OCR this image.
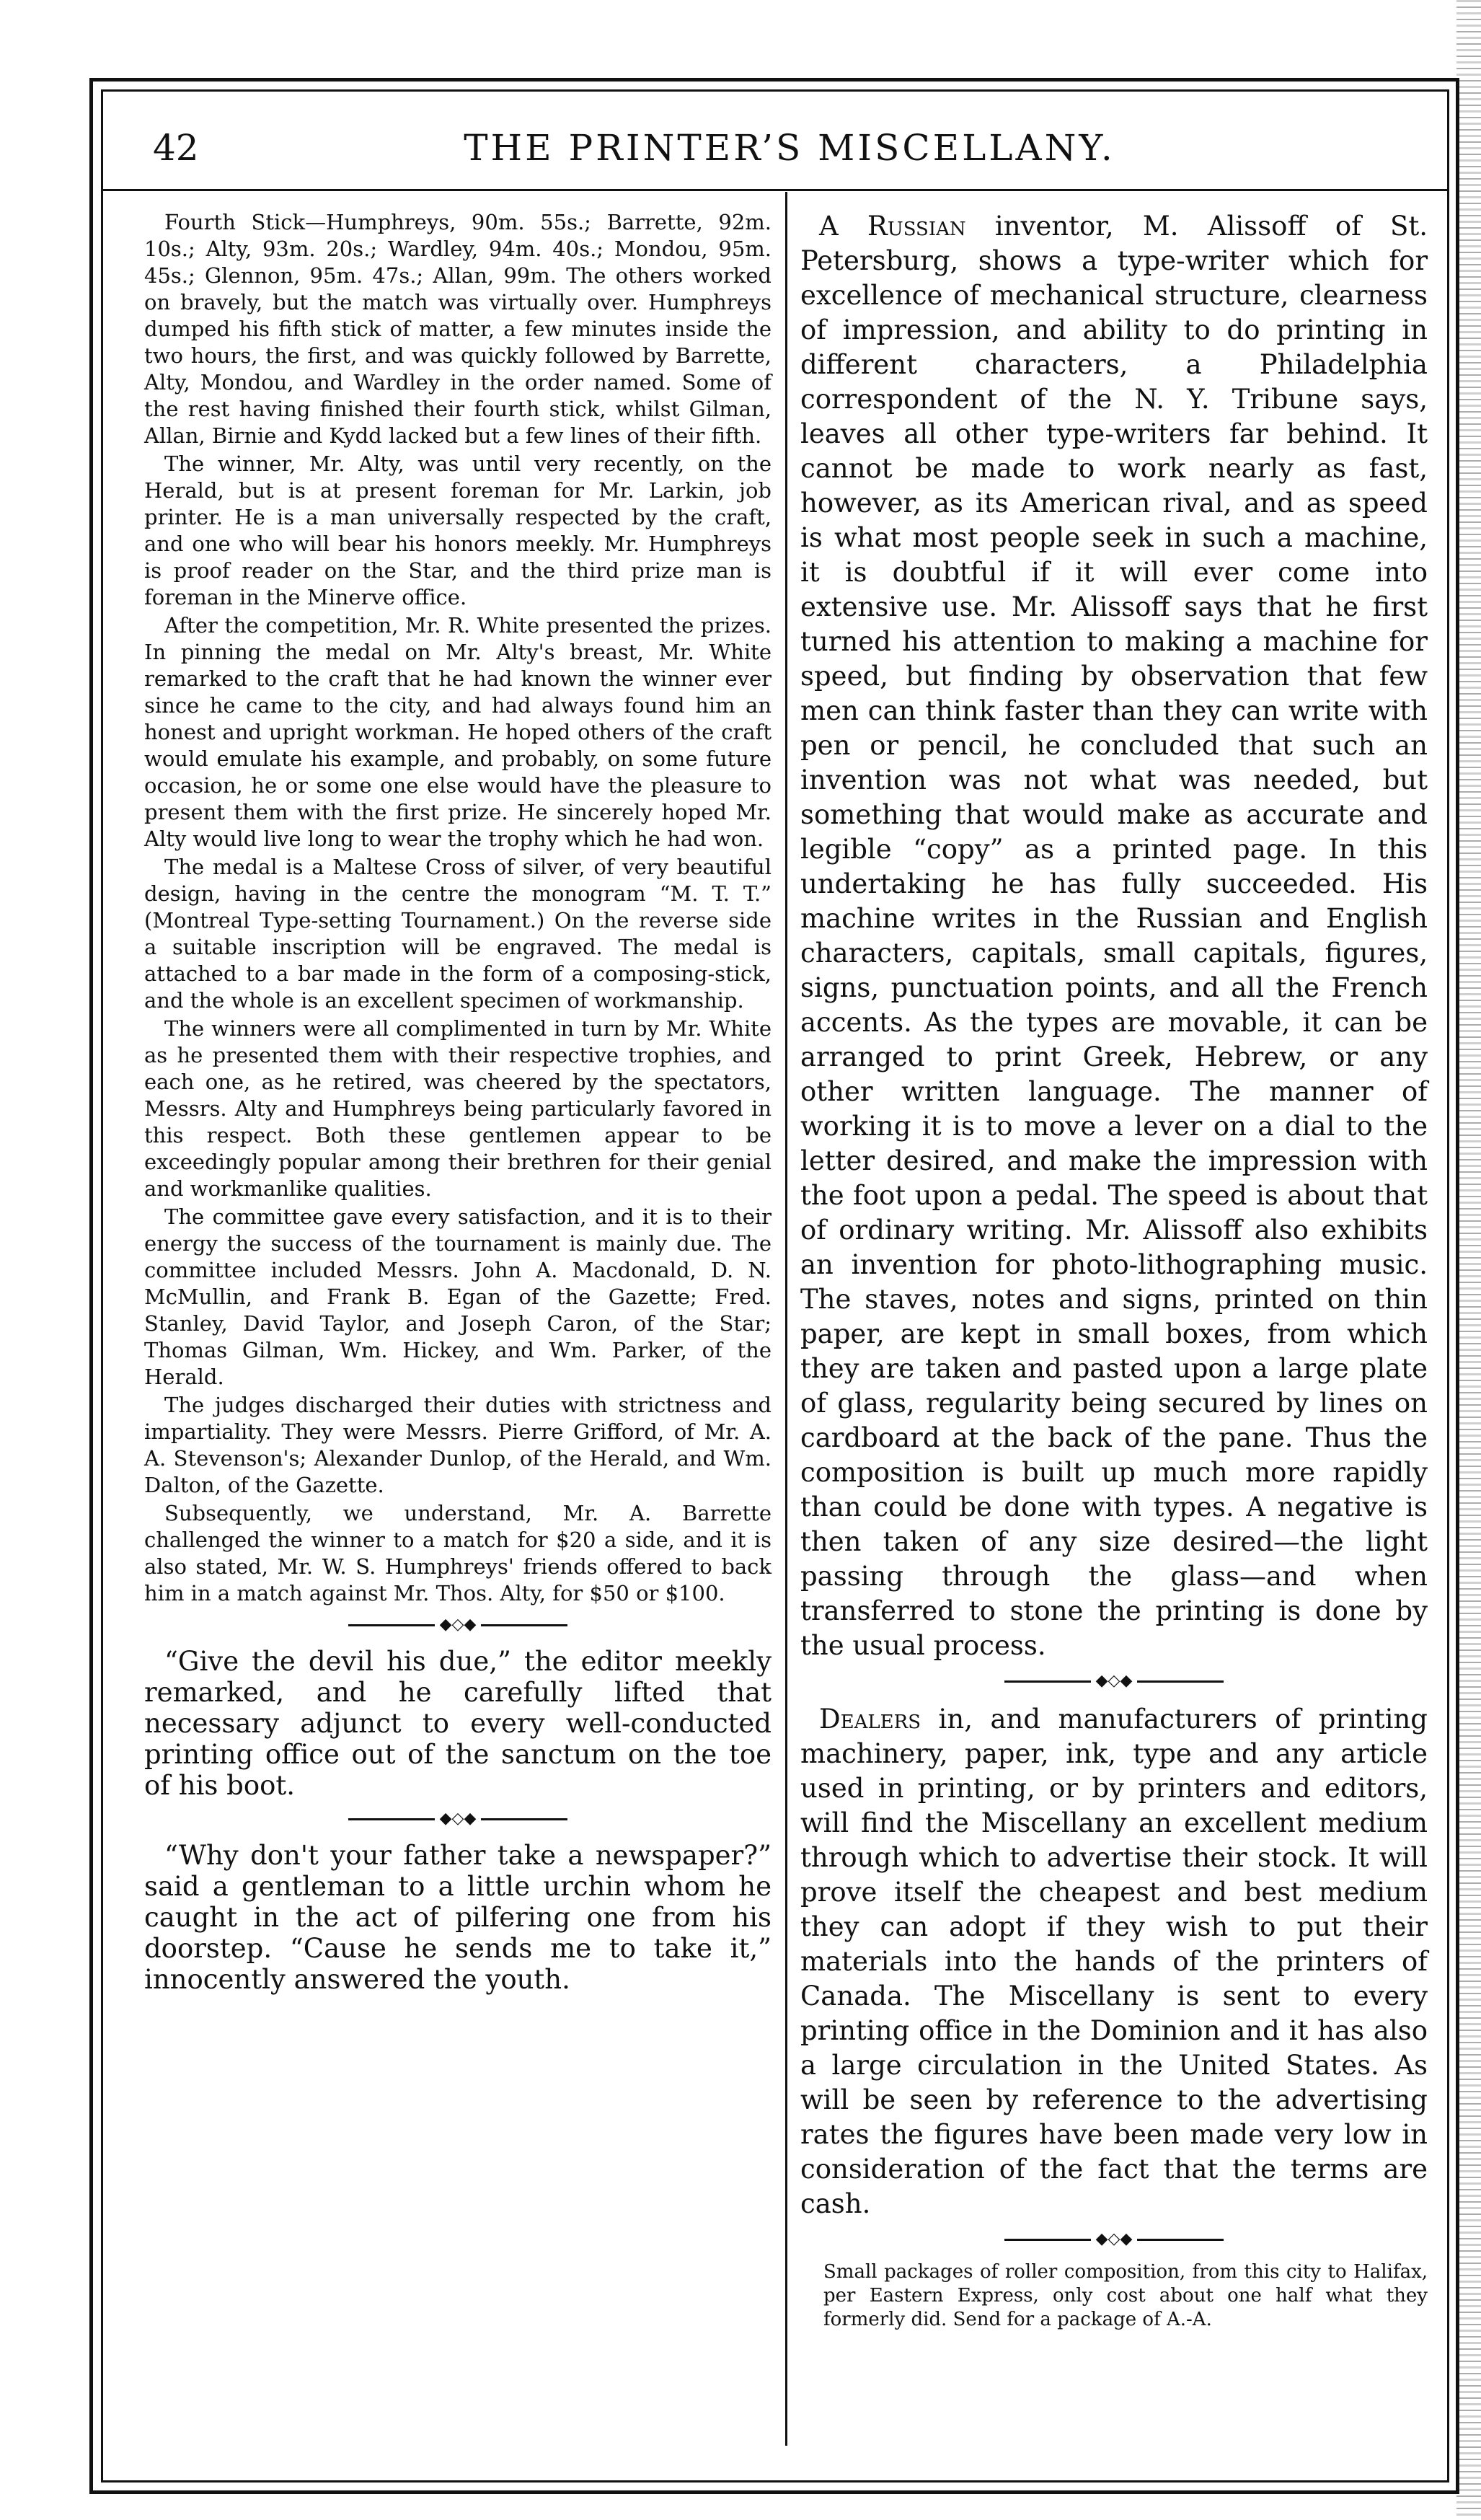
42	THE PRINTER’S MISCELLANY.

Fourth Stick—Humphreys, 90m. 55s.; Barrette, 92m. 10s.; Alty, 93m. 20s.; Wardley, 94m. 40s.; Mondou, 95m. 45s.; Glennon, 95m. 47s.; Allan, 99m. The others worked on bravely, but the match was virtually over. Humphreys dumped his fifth stick of matter, a few minutes inside the two hours, the first, and was quickly followed by Barrette, Alty, Mondou, and Wardley in the order named. Some of the rest having finished their fourth stick, whilst Gilman, Allan, Birnie and Kydd lacked but a few lines of their fifth.

The winner, Mr. Alty, was until very recently, on the Herald, but is at present foreman for Mr. Larkin, job printer. He is a man universally respected by the craft, and one who will bear his honors meekly. Mr. Humphreys is proof reader on the Star, and the third prize man is foreman in the Minerve office.

After the competition, Mr. R. White presented the prizes. In pinning the medal on Mr. Alty's breast, Mr. White remarked to the craft that he had known the winner ever since he came to the city, and had always found him an honest and upright workman. He hoped others of the craft would emulate his example, and probably, on some future occasion, he or some one else would have the pleasure to present them with the first prize. He sincerely hoped Mr. Alty would live long to wear the trophy which he had won.

The medal is a Maltese Cross of silver, of very beautiful design, having in the centre the monogram “M. T. T.” (Montreal Type-setting Tournament.) On the reverse side a suitable inscription will be engraved. The medal is attached to a bar made in the form of a composing-stick, and the whole is an excellent specimen of workmanship.

The winners were all complimented in turn by Mr. White as he presented them with their respective trophies, and each one, as he retired, was cheered by the spectators, Messrs. Alty and Humphreys being particularly favored in this respect. Both these gentlemen appear to be exceedingly popular among their brethren for their genial and workmanlike qualities.

The committee gave every satisfaction, and it is to their energy the success of the tournament is mainly due. The committee included Messrs. John A. Macdonald, D. N. McMullin, and Frank B. Egan of the Gazette; Fred. Stanley, David Taylor, and Joseph Caron, of the Star; Thomas Gilman, Wm. Hickey, and Wm. Parker, of the Herald.

The judges discharged their duties with strictness and impartiality. They were Messrs. Pierre Grifford, of Mr. A. A. Stevenson's; Alexander Dunlop, of the Herald, and Wm. Dalton, of the Gazette.

Subsequently, we understand, Mr. A. Barrette challenged the winner to a match for $20 a side, and it is also stated, Mr. W. S. Humphreys' friends offered to back him in a match against Mr. Thos. Alty, for $50 or $100.

◆◇◆

“Give the devil his due,” the editor meekly remarked, and he carefully lifted that necessary adjunct to every well-conducted printing office out of the sanctum on the toe of his boot.

◆◇◆

“Why don't your father take a newspaper?” said a gentleman to a little urchin whom he caught in the act of pilfering one from his doorstep. “Cause he sends me to take it,” innocently answered the youth.

A Russian inventor, M. Alissoff of St. Petersburg, shows a type-writer which for excellence of mechanical structure, clearness of impression, and ability to do printing in different characters, a Philadelphia correspondent of the N. Y. Tribune says, leaves all other type-writers far behind. It cannot be made to work nearly as fast, however, as its American rival, and as speed is what most people seek in such a machine, it is doubtful if it will ever come into extensive use. Mr. Alissoff says that he first turned his attention to making a machine for speed, but finding by observation that few men can think faster than they can write with pen or pencil, he concluded that such an invention was not what was needed, but something that would make as accurate and legible “copy” as a printed page. In this undertaking he has fully succeeded. His machine writes in the Russian and English characters, capitals, small capitals, figures, signs, punctuation points, and all the French accents. As the types are movable, it can be arranged to print Greek, Hebrew, or any other written language. The manner of working it is to move a lever on a dial to the letter desired, and make the impression with the foot upon a pedal. The speed is about that of ordinary writing. Mr. Alissoff also exhibits an invention for photo-lithographing music. The staves, notes and signs, printed on thin paper, are kept in small boxes, from which they are taken and pasted upon a large plate of glass, regularity being secured by lines on cardboard at the back of the pane. Thus the composition is built up much more rapidly than could be done with types. A negative is then taken of any size desired—the light passing through the glass—and when transferred to stone the printing is done by the usual process.

◆◇◆

Dealers in, and manufacturers of printing machinery, paper, ink, type and any article used in printing, or by printers and editors, will find the Miscellany an excellent medium through which to advertise their stock. It will prove itself the cheapest and best medium they can adopt if they wish to put their materials into the hands of the printers of Canada. The Miscellany is sent to every printing office in the Dominion and it has also a large circulation in the United States. As will be seen by reference to the advertising rates the figures have been made very low in consideration of the fact that the terms are cash.

◆◇◆

Small packages of roller composition, from this city to Halifax, per Eastern Express, only cost about one half what they formerly did. Send for a package of A.-A.
